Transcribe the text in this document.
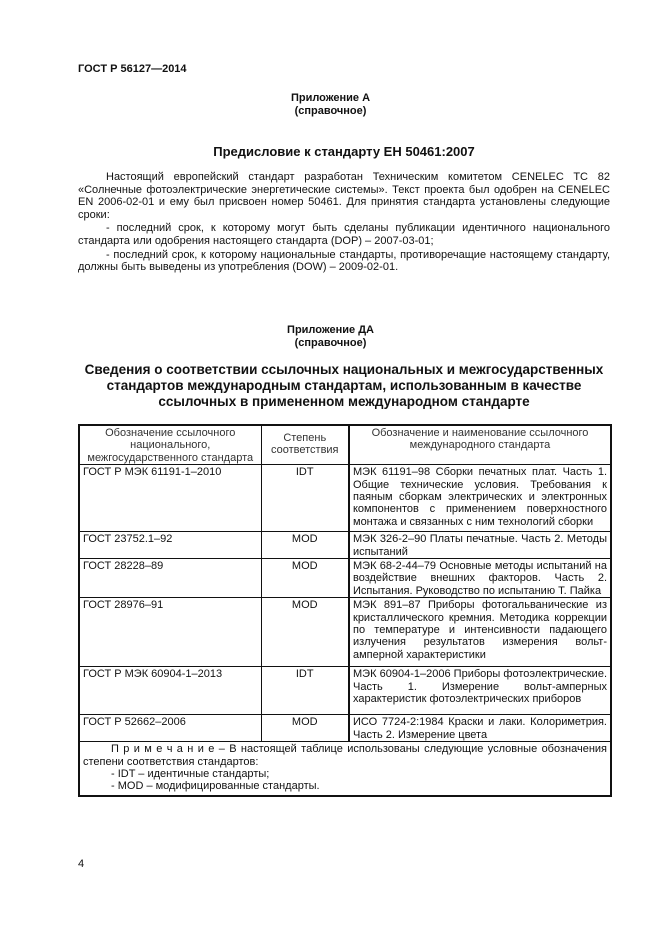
ГОСТ Р 56127—2014
Приложение А
(справочное)
Предисловие к стандарту ЕН 50461:2007

Настоящий европейский стандарт разработан Техническим комитетом CENELEC TC 82 «Солнечные фотоэлектрические энергетические системы». Текст проекта был одобрен на CENELEC EN 2006-02-01 и ему был присвоен номер 50461. Для принятия стандарта установлены следующие сроки:

- последний срок, к которому могут быть сделаны публикации идентичного национального стандарта или одобрения настоящего стандарта (DOP) – 2007-03-01;

- последний срок, к которому национальные стандарты, противоречащие настоящему стандарту, должны быть выведены из употребления (DOW) – 2009-02-01.

Приложение ДА
(справочное)
Сведения о соответствии ссылочных национальных и межгосударственных
стандартов международным стандартам, использованным в качестве
ссылочных в примененном международном стандарте
Обозначение ссылочного национального, межгосударственного стандарта	Степень соответствия	Обозначение и наименование ссылочного международного стандарта
ГОСТ Р МЭК 61191-1–2010	IDT	МЭК 61191–98 Сборки печатных плат. Часть 1. Общие технические условия. Требования к паяным сборкам электрических и электронных компонентов с применением поверхностного монтажа и связанных с ним технологий сборки
ГОСТ 23752.1–92	MOD	МЭК 326-2–90 Платы печатные. Часть 2. Методы испытаний
ГОСТ 28228–89	MOD	МЭК 68-2-44–79 Основные методы испытаний на воздействие внешних факторов. Часть 2. Испытания. Руководство по испытанию Т. Пайка
ГОСТ 28976–91	MOD	МЭК 891–87 Приборы фотогальванические из кристаллического кремния. Методика коррекции по температуре и интенсивности падающего излучения результатов измерения вольт-амперной характеристики
ГОСТ Р МЭК 60904-1–2013	IDT	МЭК 60904-1–2006 Приборы фотоэлектрические. Часть 1. Измерение вольт-амперных характеристик фотоэлектрических приборов
ГОСТ Р 52662–2006	MOD	ИСО 7724-2:1984 Краски и лаки. Колориметрия. Часть 2. Измерение цвета

П р и м е ч а н и е – В настоящей таблице использованы следующие условные обозначения степени соответствия стандартов:

- IDT – идентичные стандарты;

- MOD – модифицированные стандарты.		

4
